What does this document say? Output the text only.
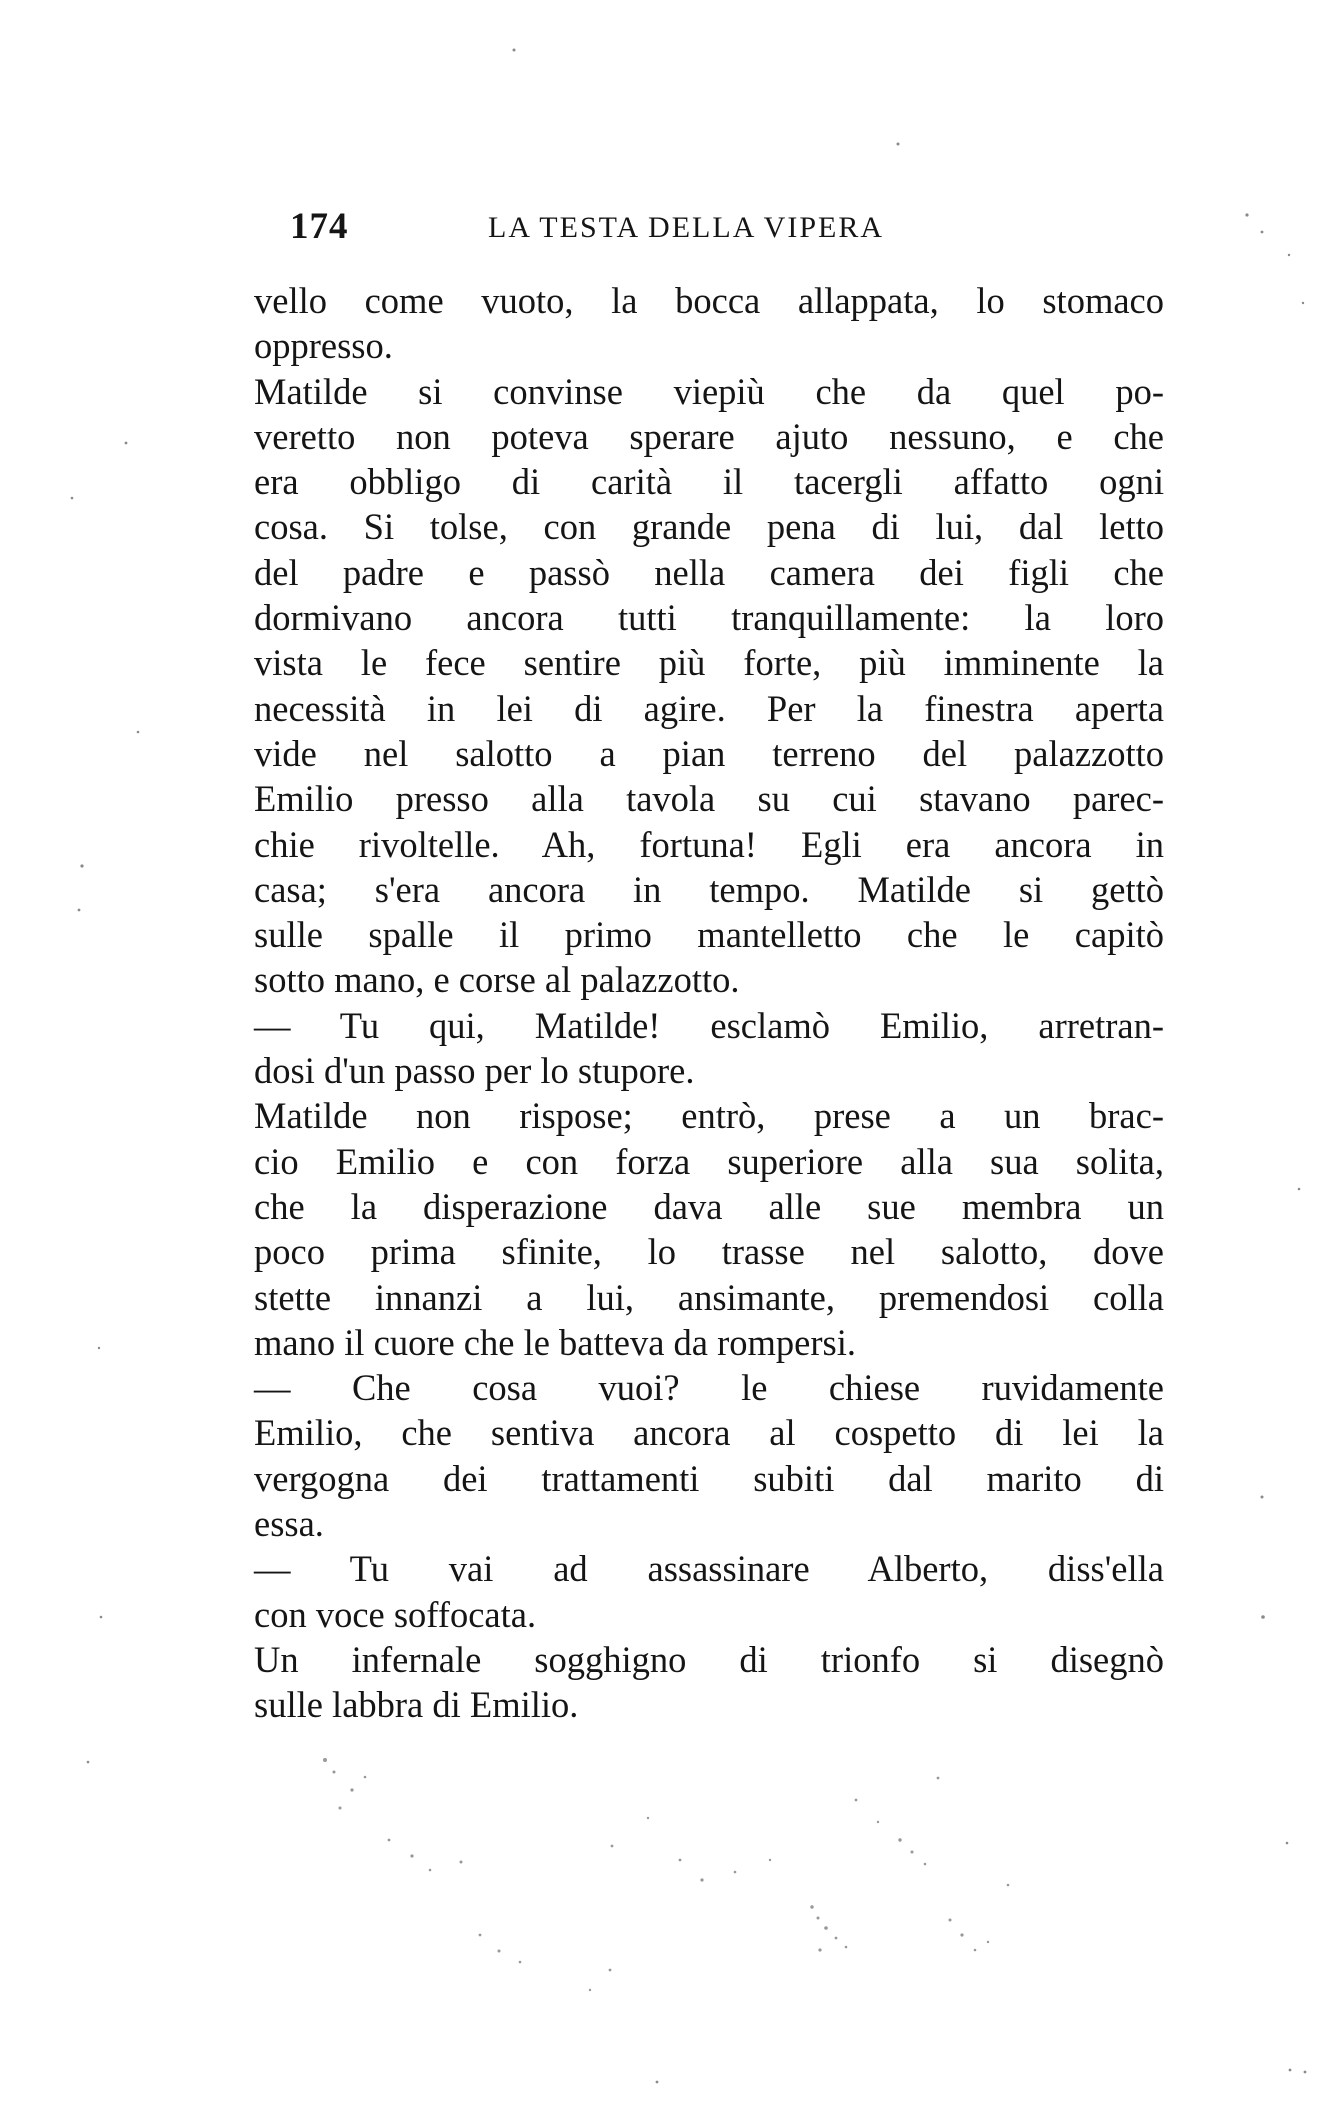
174	LA TESTA DELLA VIPERA
vello come vuoto, la bocca allappata, lo stomaco
oppresso.
Matilde si convinse viepiù che da quel po-
veretto non poteva sperare ajuto nessuno, e che
era obbligo di carità il tacergli affatto ogni
cosa. Si tolse, con grande pena di lui, dal letto
del padre e passò nella camera dei figli che
dormivano ancora tutti tranquillamente: la loro
vista le fece sentire più forte, più imminente la
necessità in lei di agire. Per la finestra aperta
vide nel salotto a pian terreno del palazzotto
Emilio presso alla tavola su cui stavano parec-
chie rivoltelle. Ah, fortuna! Egli era ancora in
casa; s'era ancora in tempo. Matilde si gettò
sulle spalle il primo mantelletto che le capitò
sotto mano, e corse al palazzotto.
— Tu qui, Matilde! esclamò Emilio, arretran-
dosi d'un passo per lo stupore.
Matilde non rispose; entrò, prese a un brac-
cio Emilio e con forza superiore alla sua solita,
che la disperazione dava alle sue membra un
poco prima sfinite, lo trasse nel salotto, dove
stette innanzi a lui, ansimante, premendosi colla
mano il cuore che le batteva da rompersi.
— Che cosa vuoi? le chiese ruvidamente
Emilio, che sentiva ancora al cospetto di lei la
vergogna dei trattamenti subiti dal marito di
essa.
— Tu vai ad assassinare Alberto, diss'ella
con voce soffocata.
Un infernale sogghigno di trionfo si disegnò
sulle labbra di Emilio.
